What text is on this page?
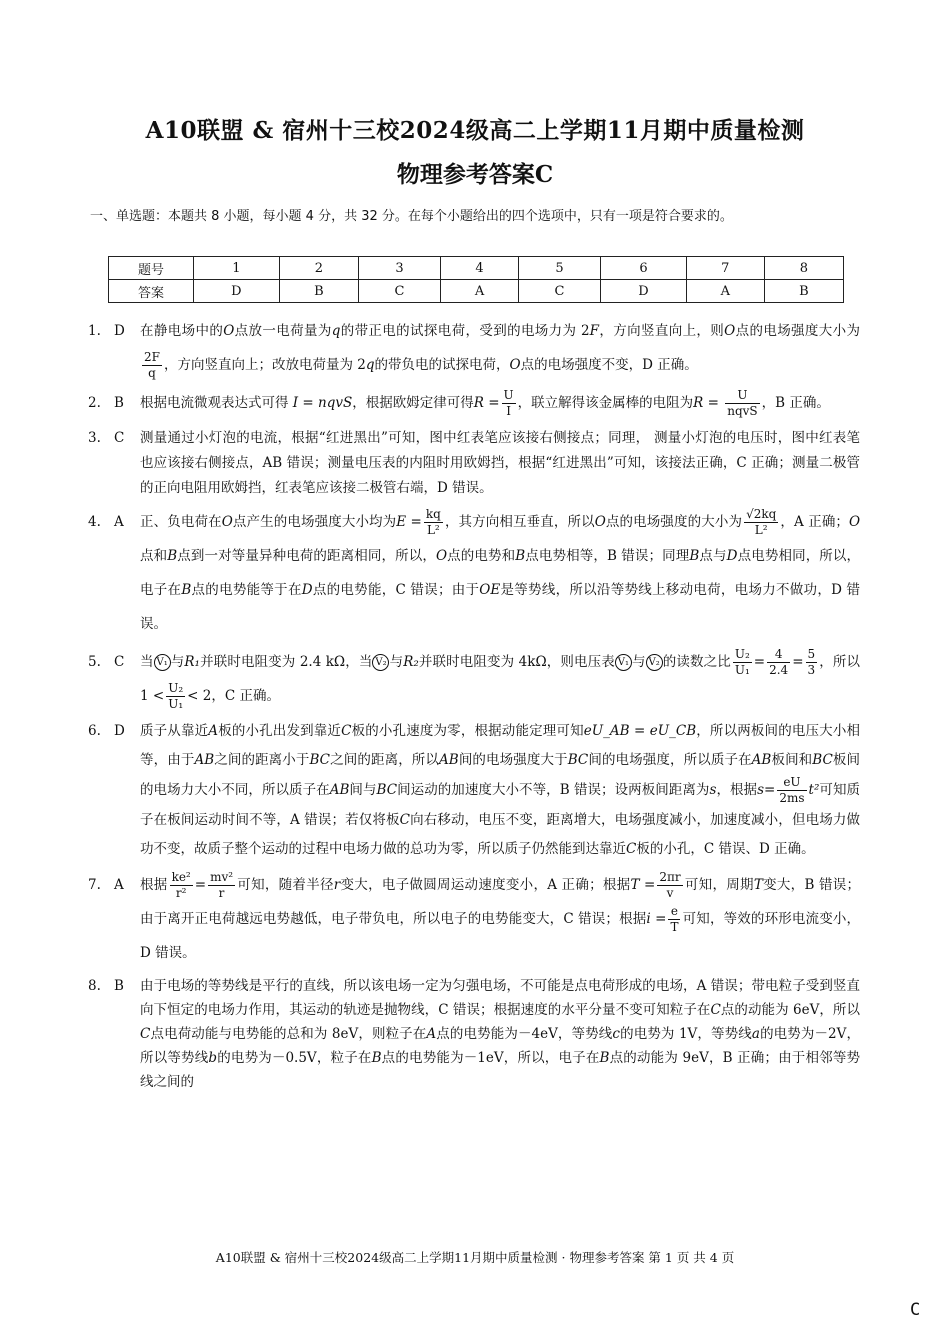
A10联盟 & 宿州十三校2024级高二上学期11月期中质量检测
物理参考答案C
一、单选题：本题共 8 小题，每小题 4 分，共 32 分。在每个小题给出的四个选项中，只有一项是符合要求的。
题号	1	2	3	4	5	6	7	8
答案	D	B	C	A	C	D	A	B
1. D 在静电场中的O点放一电荷量为q的带正电的试探电荷，受到的电场力为 2F，方向竖直向上，则O点的电场强度大小为
$\frac{2F}{q}$ ，方向竖直向上；改放电荷量为 2q的带负电的试探电荷，O点的电场强度不变，D 正确。

2. B 根据电流微观表达式可得 I = nqvS，根据欧姆定律可得$R = \frac{U}{I}$ ，联立解得该金属棒的电阻为$R = \frac{U}{\text{nqvS}}$ ，B 正确。

3. C 测量通过小灯泡的电流，根据“红进黑出”可知，图中红表笔应该接右侧接点；同理， 测量小灯泡的电压时，图中红表笔也应该接右侧接点，AB 错误；测量电压表的内阻时用欧姆挡，根据“红进黑出”可知，该接法正确，C 正确；测量二极管的正向电阻用欧姆挡，红表笔应该接二极管右端，D 错误。

4. A 正、负电荷在O点产生的电场强度大小均为$E = \frac{kq}{\text{L²}}$ ，其方向相互垂直，所以O点的电场强度的大小为 $\frac{√2kq}{\text{L²}}$ ，A 正确；O点和B点到一对等量异种电荷的距离相同，所以，O点的电势和B点电势相等，B 错误；同理B点与D点电势相同，所以，电子在B点的电势能等于在D点的电势能，C 错误；由于OE是等势线，所以沿等势线上移动电荷，电场力不做功，D 错误。

5. C 当 V₁ 与R₁并联时电阻变为 2.4 kΩ，当 V₂ 与R₂并联时电阻变为 4kΩ，则电压表 V₁ 与 V₂ 的读数之比 $\frac{\text{U₂}}{\text{U₁}} = \frac{4}{2.4} = \frac{5}{3}$ ，所以$1 < \frac{\text{U₂}}{\text{U₁}} < 2$，C 正确。

6. D 质子从靠近A板的小孔出发到靠近C板的小孔速度为零，根据动能定理可知eU_AB = eU_CB，所以两板间的电压大小相等，由于AB之间的距离小于BC之间的距离，所以AB间的电场强度大于BC间的电场强度，所以质子在AB板间和BC板间的电场力大小不同，所以质子在AB间与BC间运动的加速度大小不等，B 错误；设两板间距离为s，根据$s= \frac{eU}{2ms} t^2$可知质子在板间运动时间不等，A 错误；若仅将板C向右移动，电压不变，距离增大，电场强度减小，加速度减小，但电场力做功不变，故质子整个运动的过程中电场力做的总功为零，所以质子仍然能到达靠近C板的小孔，C 错误、D 正确。

7. A 根据 $\frac{\text{ke²}}{\text{r²}} = \frac{\text{mv²}}{r}$ 可知，随着半径r变大，电子做圆周运动速度变小，A 正确；根据$T = \frac{2\pi r}{v}$ 可知，周期T变大，B 错误；由于离开正电荷越远电势越低，电子带负电，所以电子的电势能变大，C 错误；根据$i = \frac{e}{T}$ 可知，等效的环形电流变小，D 错误。

8. B 由于电场的等势线是平行的直线，所以该电场一定为匀强电场，不可能是点电荷形成的电场，A 错误；带电粒子受到竖直向下恒定的电场力作用，其运动的轨迹是抛物线，C 错误；根据速度的水平分量不变可知粒子在C点的动能为 6eV，所以C点电荷动能与电势能的总和为 8eV，则粒子在A点的电势能为－4eV，等势线c的电势为 1V，等势线a的电势为－2V，所以等势线b的电势为－0.5V，粒子在B点的电势能为－1eV，所以，电子在B点的动能为 9eV，B 正确；由于相邻等势线之间的

A10联盟 & 宿州十三校2024级高二上学期11月期中质量检测 · 物理参考答案 第 1 页 共 4 页
C
